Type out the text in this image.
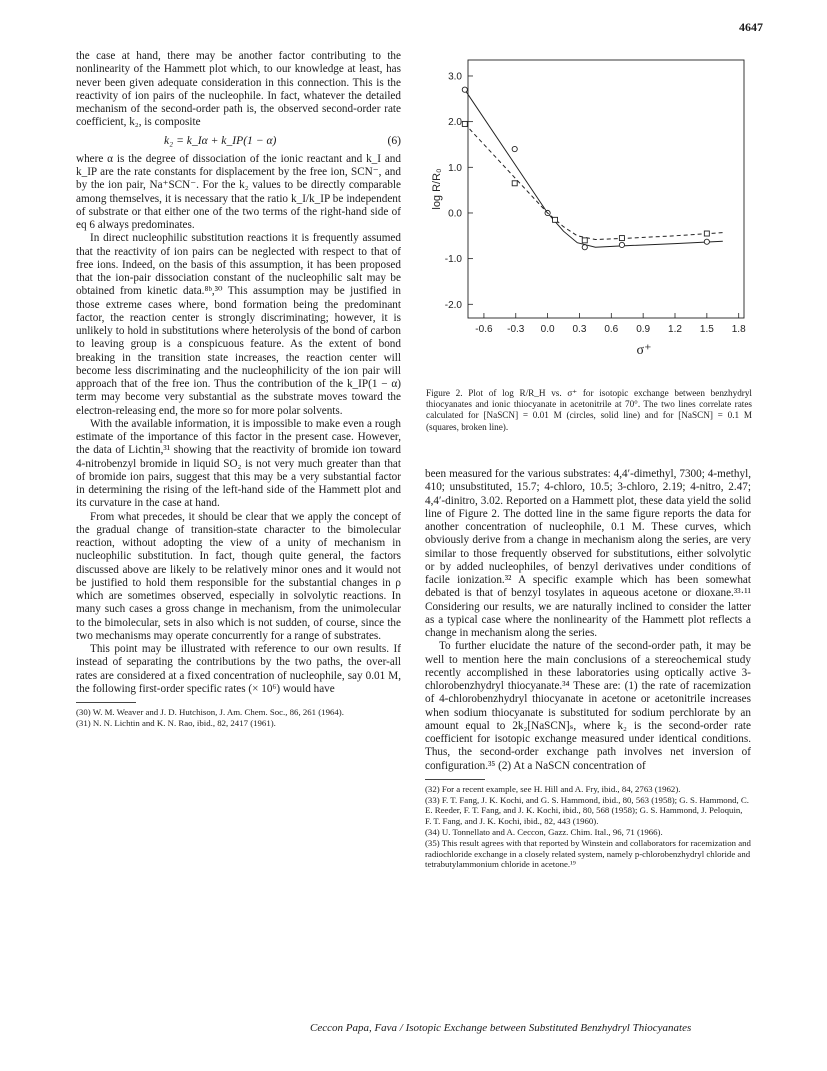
4647

the case at hand, there may be another factor contributing to the nonlinearity of the Hammett plot which, to our knowledge at least, has never been given adequate consideration in this connection. This is the reactivity of ion pairs of the nucleophile. In fact, whatever the detailed mechanism of the second-order path is, the observed second-order rate coefficient, k₂, is composite

k₂ = k_Iα + k_IP(1 − α)	(6)

where α is the degree of dissociation of the ionic reactant and k_I and k_IP are the rate constants for displacement by the free ion, SCN⁻, and by the ion pair, Na⁺SCN⁻. For the k₂ values to be directly comparable among themselves, it is necessary that the ratio k_I/k_IP be independent of substrate or that either one of the two terms of the right-hand side of eq 6 always predominates.

In direct nucleophilic substitution reactions it is frequently assumed that the reactivity of ion pairs can be neglected with respect to that of free ions. Indeed, on the basis of this assumption, it has been proposed that the ion-pair dissociation constant of the nucleophilic salt may be obtained from kinetic data.⁸ᵇ,³⁰ This assumption may be justified in those extreme cases where, bond formation being the predominant factor, the reaction center is strongly discriminating; however, it is unlikely to hold in substitutions where heterolysis of the bond of carbon to leaving group is a conspicuous feature. As the extent of bond breaking in the transition state increases, the reaction center will become less discriminating and the nucleophilicity of the ion pair will approach that of the free ion. Thus the contribution of the k_IP(1 − α) term may become very substantial as the substrate moves toward the electron-releasing end, the more so for more polar solvents.

With the available information, it is impossible to make even a rough estimate of the importance of this factor in the present case. However, the data of Lichtin,³¹ showing that the reactivity of bromide ion toward 4-nitrobenzyl bromide in liquid SO₂ is not very much greater than that of bromide ion pairs, suggest that this may be a very substantial factor in determining the rising of the left-hand side of the Hammett plot and its curvature in the case at hand.

From what precedes, it should be clear that we apply the concept of the gradual change of transition-state character to the bimolecular reaction, without adopting the view of a unity of mechanism in nucleophilic substitution. In fact, though quite general, the factors discussed above are likely to be relatively minor ones and it would not be justified to hold them responsible for the substantial changes in ρ which are sometimes observed, especially in solvolytic reactions. In many such cases a gross change in mechanism, from the unimolecular to the bimolecular, sets in also which is not sudden, of course, since the two mechanisms may operate concurrently for a range of substrates.

This point may be illustrated with reference to our own results. If instead of separating the contributions by the two paths, the over-all rates are considered at a fixed concentration of nucleophile, say 0.01 M, the following first-order specific rates (× 10⁶) would have

(30) W. M. Weaver and J. D. Hutchison, J. Am. Chem. Soc., 86, 261 (1964).

(31) N. N. Lichtin and K. N. Rao, ibid., 82, 2417 (1961).

-0.6 -0.3 0.0 0.3 0.6 0.9 1.2 1.5 1.8
3.0
2.0
1.0
0.0
-1.0
-2.0
σ⁺
log R/R₀
Figure 2. Plot of log R/R_H vs. σ⁺ for isotopic exchange between benzhydryl thiocyanates and ionic thiocyanate in acetonitrile at 70°. The two lines correlate rates calculated for [NaSCN] = 0.01 M (circles, solid line) and for [NaSCN] = 0.1 M (squares, broken line).

been measured for the various substrates: 4,4′-dimethyl, 7300; 4-methyl, 410; unsubstituted, 15.7; 4-chloro, 10.5; 3-chloro, 2.19; 4-nitro, 2.47; 4,4′-dinitro, 3.02. Reported on a Hammett plot, these data yield the solid line of Figure 2. The dotted line in the same figure reports the data for another concentration of nucleophile, 0.1 M. These curves, which obviously derive from a change in mechanism along the series, are very similar to those frequently observed for substitutions, either solvolytic or by added nucleophiles, of benzyl derivatives under conditions of facile ionization.³² A specific example which has been somewhat debated is that of benzyl tosylates in aqueous acetone or dioxane.³³·¹¹ Considering our results, we are naturally inclined to consider the latter as a typical case where the nonlinearity of the Hammett plot reflects a change in mechanism along the series.

To further elucidate the nature of the second-order path, it may be well to mention here the main conclusions of a stereochemical study recently accomplished in these laboratories using optically active 3-chlorobenzhydryl thiocyanate.³⁴ These are: (1) the rate of racemization of 4-chlorobenzhydryl thiocyanate in acetone or acetonitrile increases when sodium thiocyanate is substituted for sodium perchlorate by an amount equal to 2k₂[NaSCN]ₛ, where k₂ is the second-order rate coefficient for isotopic exchange measured under identical conditions. Thus, the second-order exchange path involves net inversion of configuration.³⁵ (2) At a NaSCN concentration of

(32) For a recent example, see H. Hill and A. Fry, ibid., 84, 2763 (1962).

(33) F. T. Fang, J. K. Kochi, and G. S. Hammond, ibid., 80, 563 (1958); G. S. Hammond, C. E. Reeder, F. T. Fang, and J. K. Kochi, ibid., 80, 568 (1958); G. S. Hammond, J. Peloquin, F. T. Fang, and J. K. Kochi, ibid., 82, 443 (1960).

(34) U. Tonnellato and A. Ceccon, Gazz. Chim. Ital., 96, 71 (1966).

(35) This result agrees with that reported by Winstein and collaborators for racemization and radiochloride exchange in a closely related system, namely p-chlorobenzhydryl chloride and tetrabutylammonium chloride in acetone.¹⁹

Ceccon Papa, Fava / Isotopic Exchange between Substituted Benzhydryl Thiocyanates
